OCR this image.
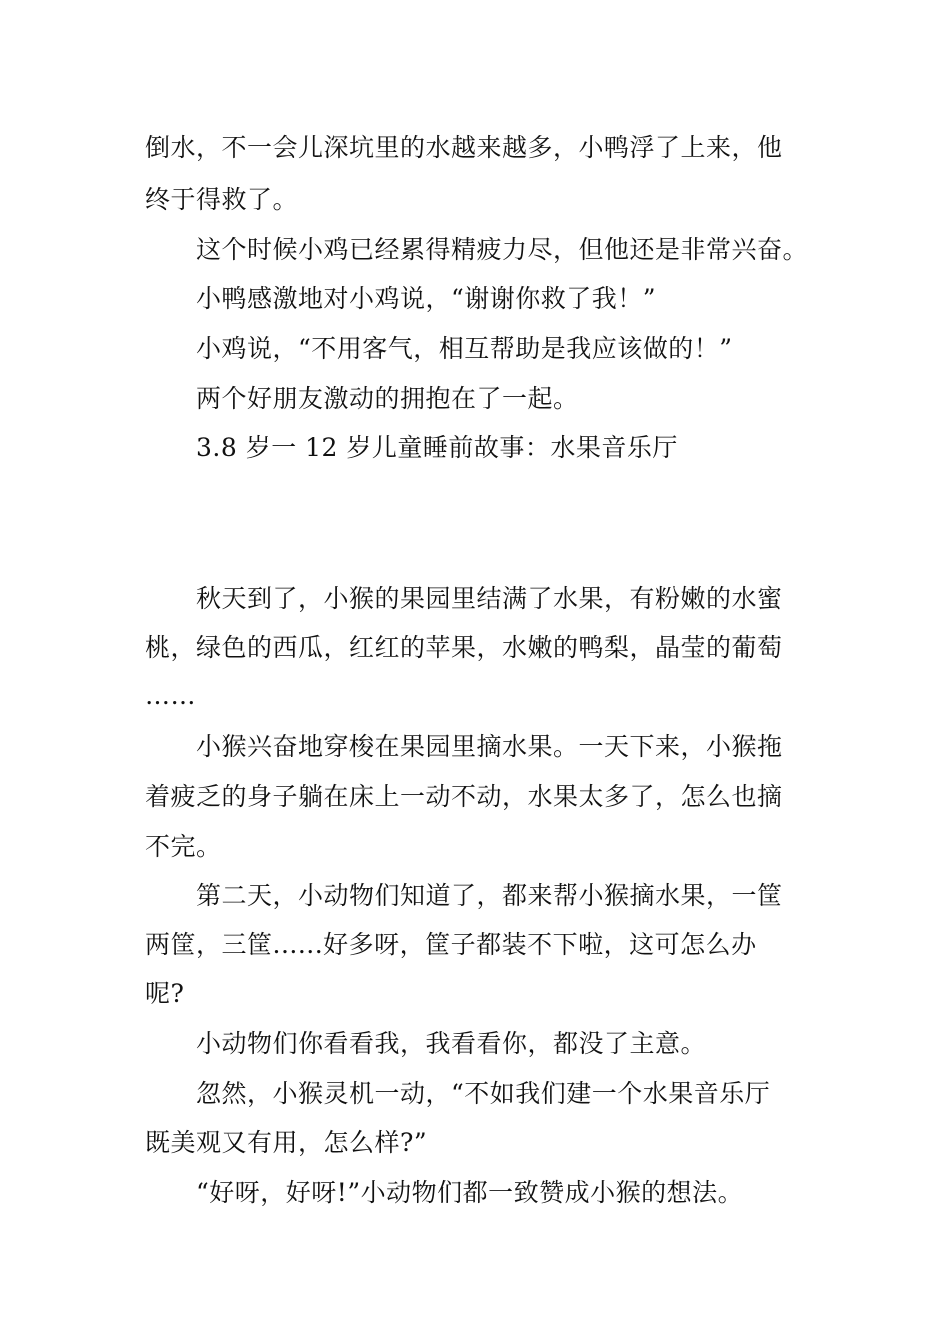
倒水，不一会儿深坑里的水越来越多，小鸭浮了上来，他
终于得救了。
这个时候小鸡已经累得精疲力尽，但他还是非常兴奋。
小鸭感激地对小鸡说，“谢谢你救了我！”
小鸡说，“不用客气，相互帮助是我应该做的！”
两个好朋友激动的拥抱在了一起。
3.8 岁一 12 岁儿童睡前故事：水果音乐厅
秋天到了，小猴的果园里结满了水果，有粉嫩的水蜜
桃，绿色的西瓜，红红的苹果，水嫩的鸭梨，晶莹的葡萄
……
小猴兴奋地穿梭在果园里摘水果。一天下来，小猴拖
着疲乏的身子躺在床上一动不动，水果太多了，怎么也摘
不完。
第二天，小动物们知道了，都来帮小猴摘水果，一筐
两筐，三筐......好多呀，筐子都装不下啦，这可怎么办
呢?
小动物们你看看我，我看看你，都没了主意。
忽然，小猴灵机一动，“不如我们建一个水果音乐厅
既美观又有用，怎么样?”
“好呀，好呀!”小动物们都一致赞成小猴的想法。
